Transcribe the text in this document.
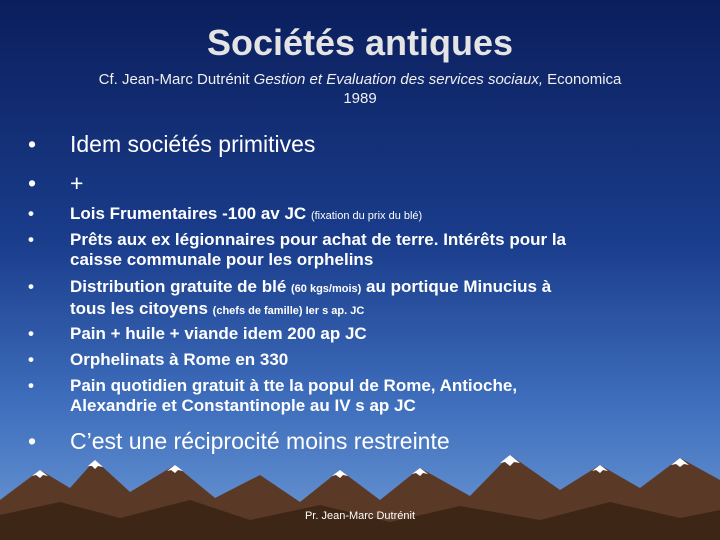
Sociétés antiques
Cf. Jean-Marc Dutrénit Gestion et Evaluation des services sociaux, Economica
1989
•	Idem sociétés primitives
•	+
•	Lois Frumentaires -100 av JC (fixation du prix du blé)
•	Prêts aux ex légionnaires pour achat de terre. Intérêts pour la
caisse communale pour les orphelins
•	Distribution gratuite de blé (60 kgs/mois) au portique Minucius à
tous les citoyens (chefs de famille) Ier s ap. JC
•	Pain + huile + viande idem 200 ap JC
•	Orphelinats à Rome en 330
•	Pain quotidien gratuit à tte la popul de Rome, Antioche,
Alexandrie et Constantinople au IV s ap JC
•	C’est une réciprocité moins restreinte
Pr. Jean-Marc Dutrénit
